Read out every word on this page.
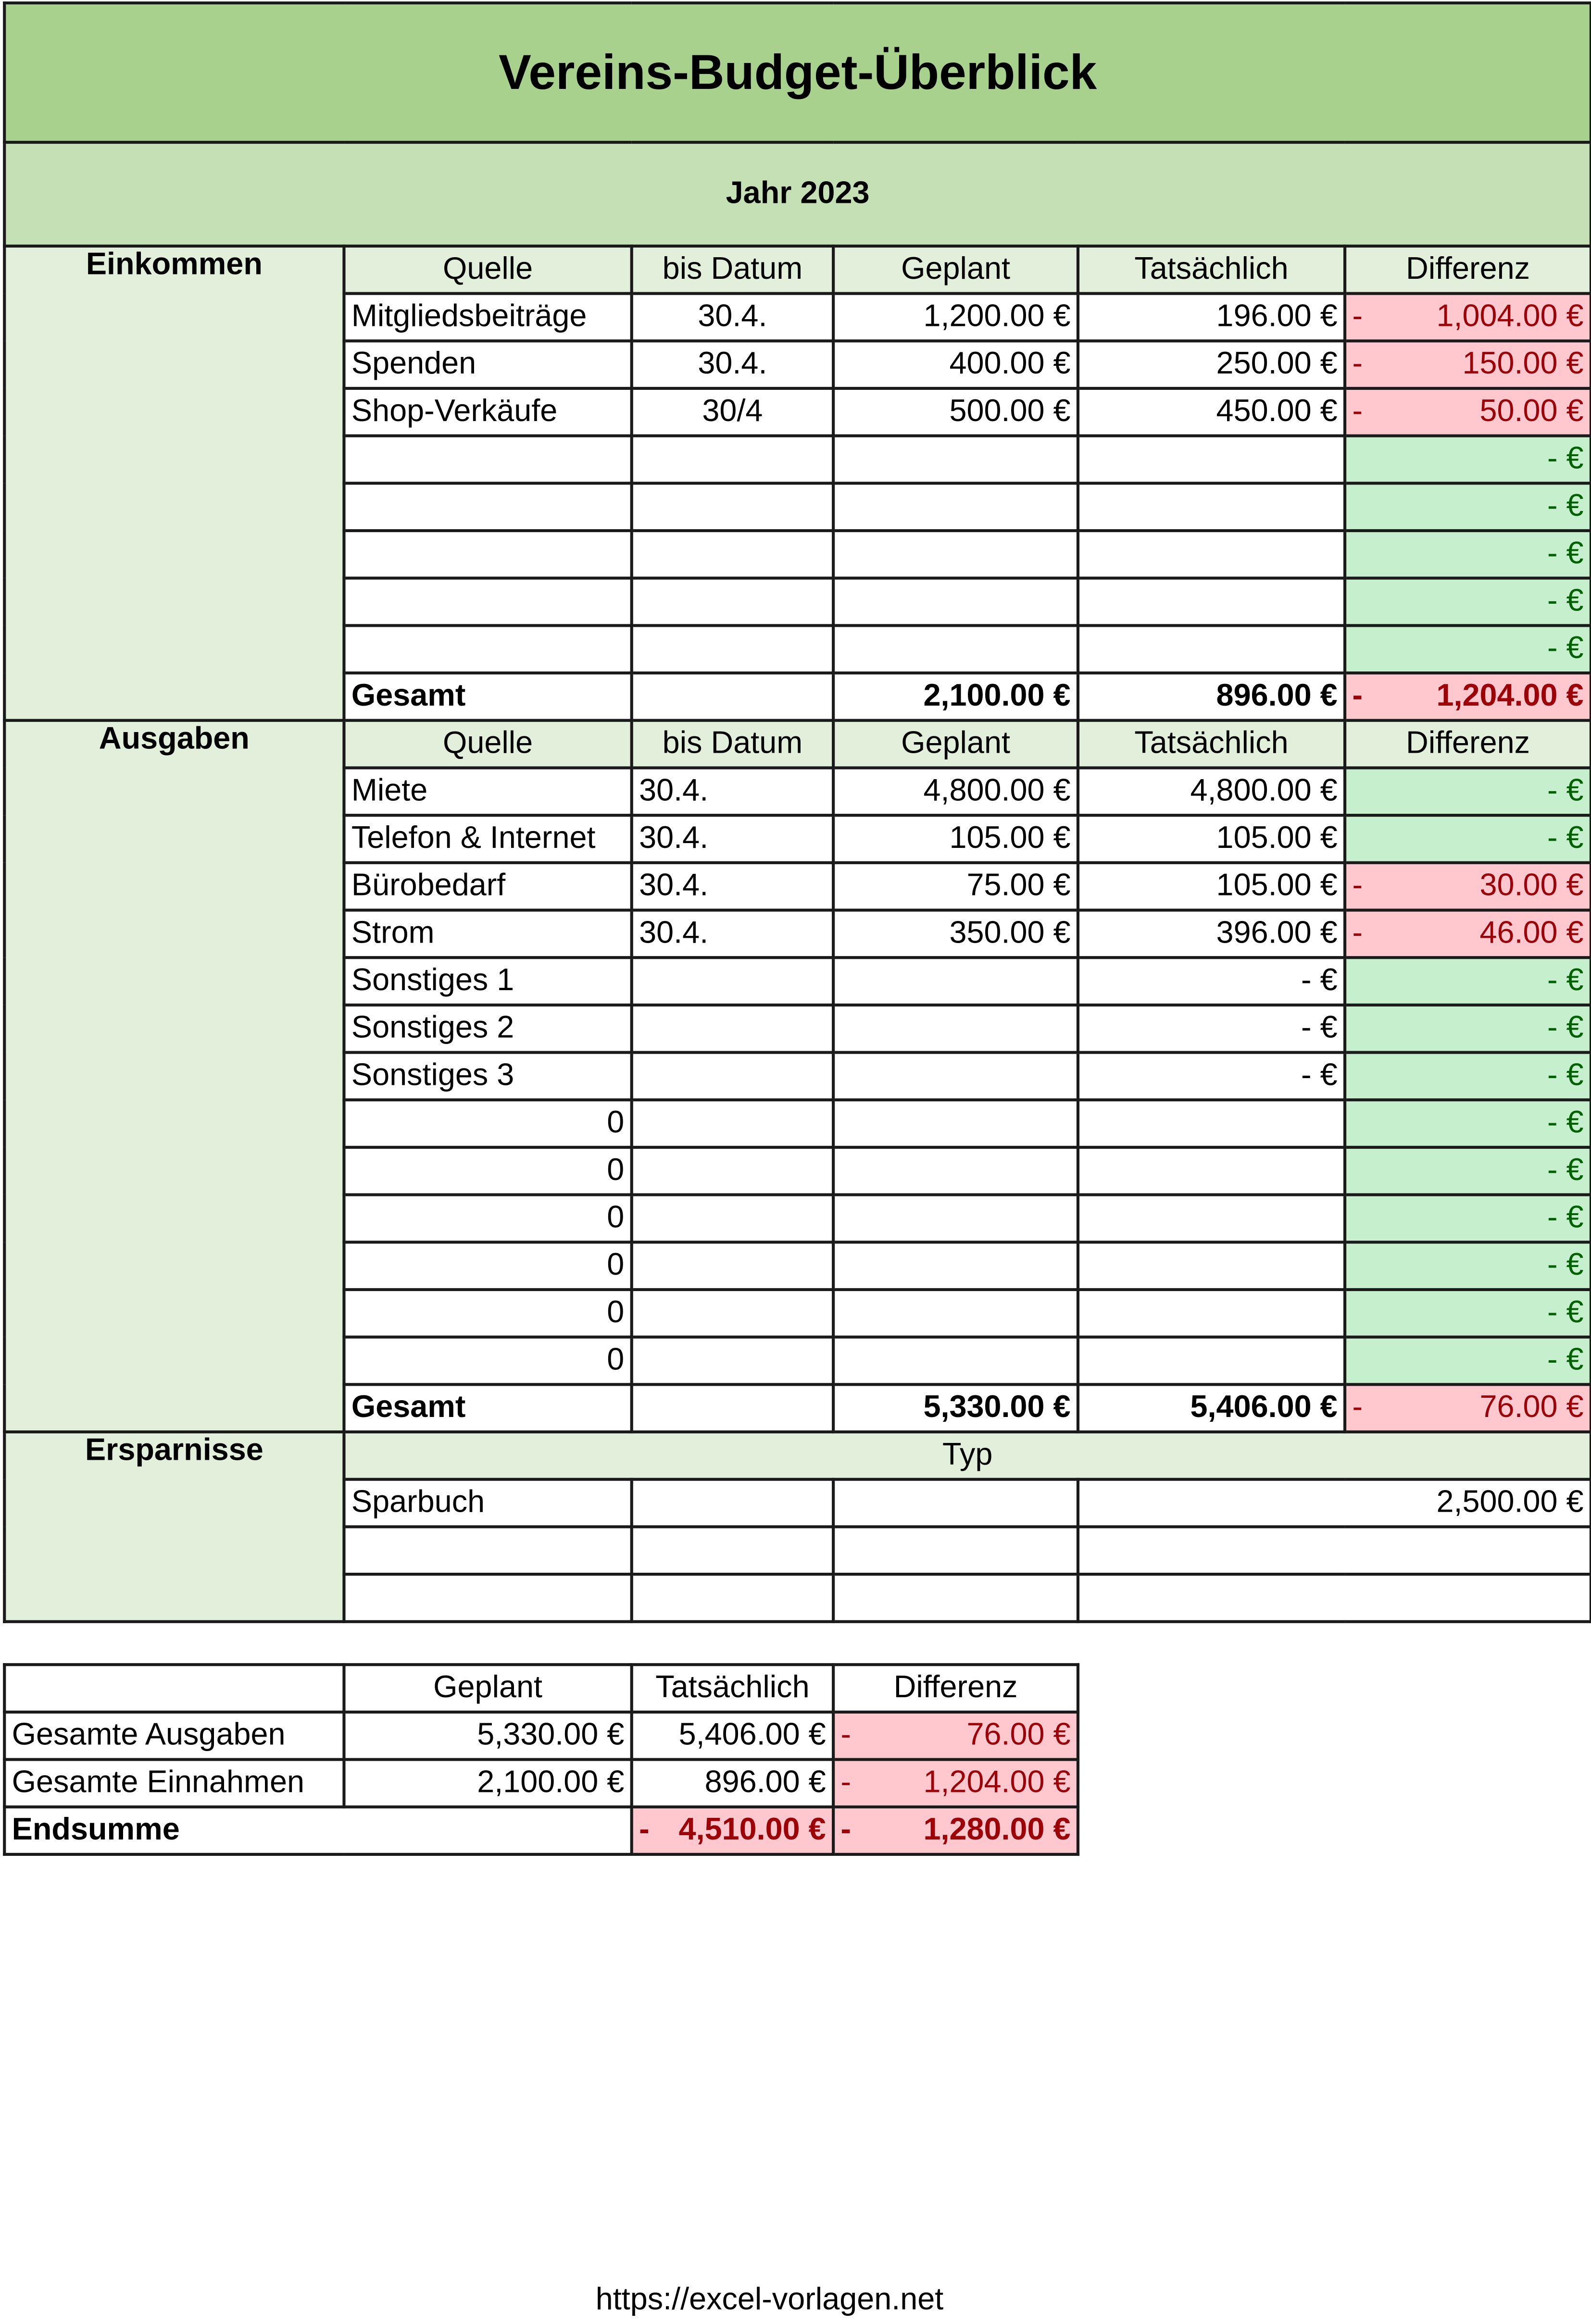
Vereins-Budget-Überblick					
Jahr 2023					
Einkommen	Quelle	bis Datum	Geplant	Tatsächlich	Differenz
	Mitgliedsbeiträge	30.4.	1,200.00 €	196.00 €	- 1,004.00 €

	Spenden	30.4.	400.00 €	250.00 €	- 150.00 €

	Shop-Verkäufe	30/4	500.00 €	450.00 €	- 50.00 €

					- €
					- €
					- €
					- €
					- €
	Gesamt		2,100.00 €	896.00 €	- 1,204.00 €

Ausgaben	Quelle	bis Datum	Geplant	Tatsächlich	Differenz
	Miete	30.4.	4,800.00 €	4,800.00 €	- €
	Telefon & Internet	30.4.	105.00 €	105.00 €	- €
	Bürobedarf	30.4.	75.00 €	105.00 €	- 30.00 €

	Strom	30.4.	350.00 €	396.00 €	- 46.00 €

	Sonstiges 1			- €	- €
	Sonstiges 2			- €	- €
	Sonstiges 3			- €	- €
	0				- €
	0				- €
	0				- €
	0				- €
	0				- €
	0				- €
	Gesamt		5,330.00 €	5,406.00 €	- 76.00 €

Ersparnisse	Typ				
	Sparbuch			2,500.00 €	

	Geplant	Tatsächlich	Differenz
Gesamte Ausgaben	5,330.00 €	5,406.00 €	- 76.00 €

Gesamte Einnahmen	2,100.00 €	896.00 €	- 1,204.00 €

Endsumme		- 4,510.00 €	- 1,280.00 €
https://excel-vorlagen.net
